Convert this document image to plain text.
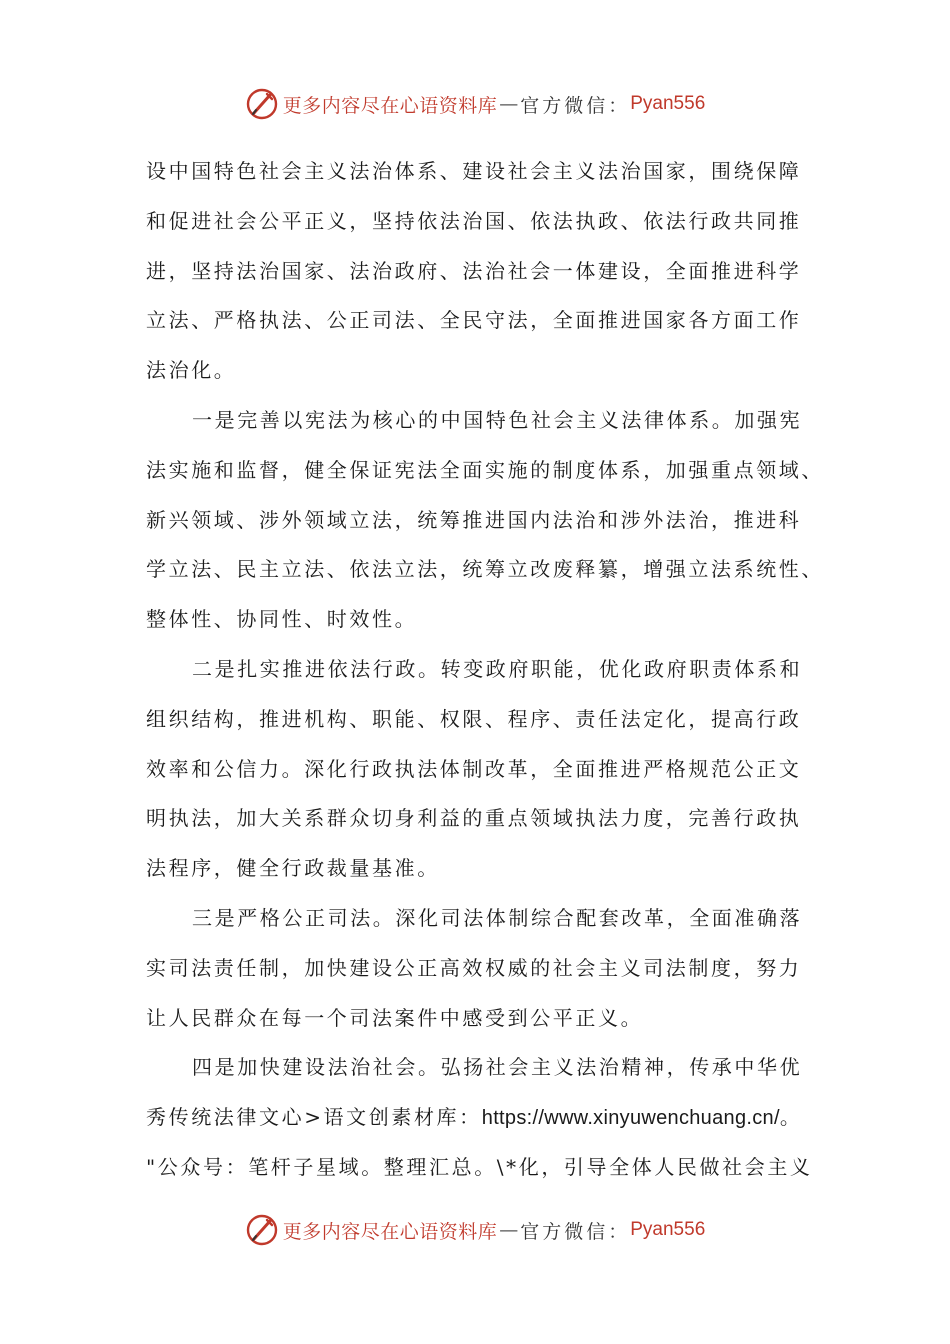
更多内容尽在心语资料库 — 官方微信： Pyan556
设中国特色社会主义法治体系、建设社会主义法治国家，围绕保障
和促进社会公平正义，坚持依法治国、依法执政、依法行政共同推
进，坚持法治国家、法治政府、法治社会一体建设，全面推进科学
立法、严格执法、公正司法、全民守法，全面推进国家各方面工作
法治化。
一是完善以宪法为核心的中国特色社会主义法律体系。加强宪
法实施和监督，健全保证宪法全面实施的制度体系，加强重点领域、
新兴领域、涉外领域立法，统筹推进国内法治和涉外法治，推进科
学立法、民主立法、依法立法，统筹立改废释纂，增强立法系统性、
整体性、协同性、时效性。
二是扎实推进依法行政。转变政府职能，优化政府职责体系和
组织结构，推进机构、职能、权限、程序、责任法定化，提高行政
效率和公信力。深化行政执法体制改革，全面推进严格规范公正文
明执法，加大关系群众切身利益的重点领域执法力度，完善行政执
法程序，健全行政裁量基准。
三是严格公正司法。深化司法体制综合配套改革，全面准确落
实司法责任制，加快建设公正高效权威的社会主义司法制度，努力
让人民群众在每一个司法案件中感受到公平正义。
四是加快建设法治社会。弘扬社会主义法治精神，传承中华优
秀传统法律文心>语文创素材库：https://www.xinyuwenchuang.cn/。
"公众号：笔杆子星域。整理汇总。\*化，引导全体人民做社会主义
更多内容尽在心语资料库 — 官方微信： Pyan556
